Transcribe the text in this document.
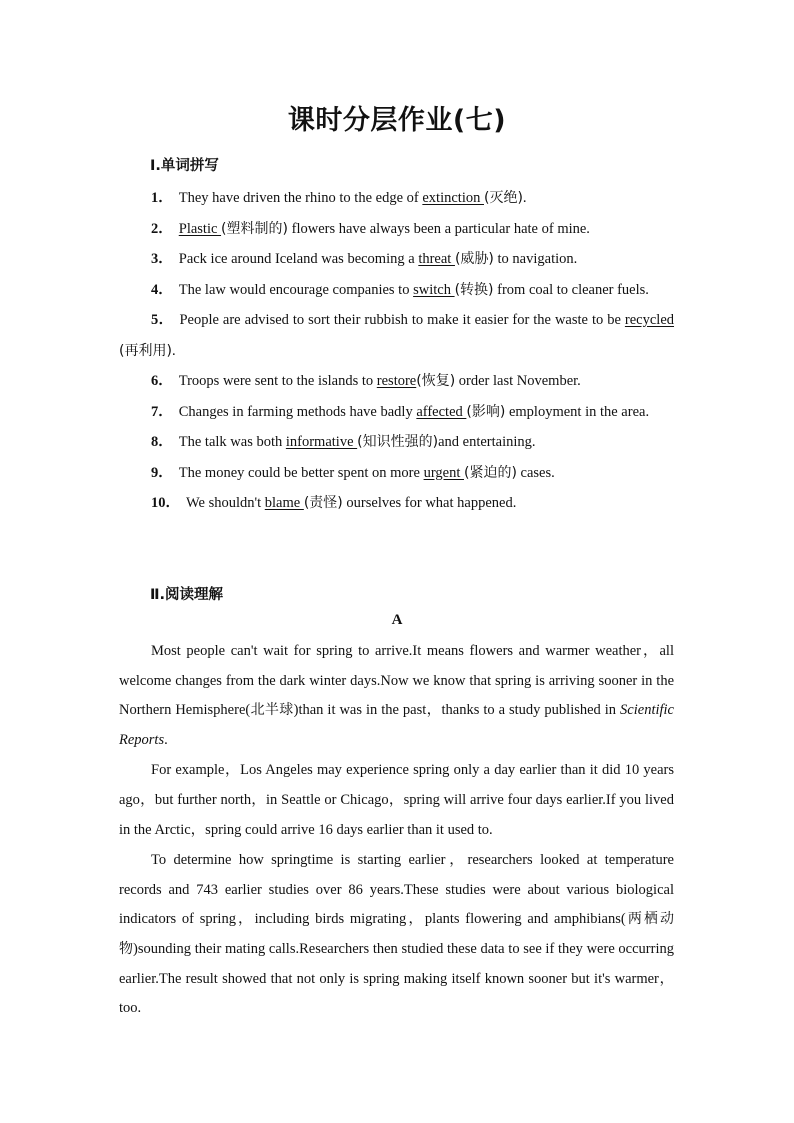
课时分层作业(七)
Ⅰ.单词拼写
1． They have driven the rhino to the edge of extinction (灭绝).
2． Plastic (塑料制的) flowers have always been a particular hate of mine.
3． Pack ice around Iceland was becoming a threat (威胁) to navigation.
4． The law would encourage companies to switch (转换) from coal to cleaner fuels.
5． People are advised to sort their rubbish to make it easier for the waste to be recycled (再利用).
6． Troops were sent to the islands to restore(恢复) order last November.
7． Changes in farming methods have badly affected (影响) employment in the area.
8． The talk was both informative (知识性强的)and entertaining.
9． The money could be better spent on more urgent (紧迫的) cases.
10． We shouldn't blame (责怪) ourselves for what happened.
Ⅱ.阅读理解
A

Most people can't wait for spring to arrive.It means flowers and warmer weather，all welcome changes from the dark winter days.Now we know that spring is arriving sooner in the Northern Hemisphere(北半球)than it was in the past，thanks to a study published in Scientific Reports.

For example，Los Angeles may experience spring only a day earlier than it did 10 years ago，but further north，in Seattle or Chicago，spring will arrive four days earlier.If you lived in the Arctic，spring could arrive 16 days earlier than it used to.

To determine how springtime is starting earlier，researchers looked at temperature records and 743 earlier studies over 86 years.These studies were about various biological indicators of spring，including birds migrating，plants flowering and amphibians(两栖动物)sounding their mating calls.Researchers then studied these data to see if they were occurring earlier.The result showed that not only is spring making itself known sooner but it's warmer，too.
